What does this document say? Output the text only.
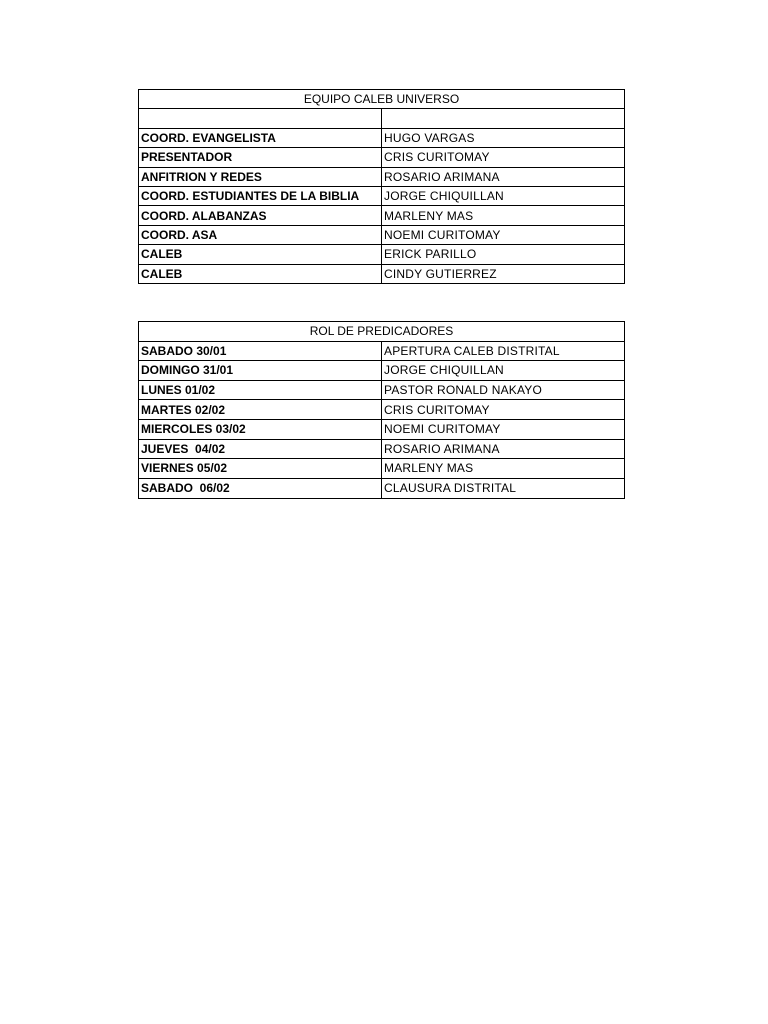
EQUIPO CALEB UNIVERSO	

COORD. EVANGELISTA	HUGO VARGAS
PRESENTADOR	CRIS CURITOMAY
ANFITRION Y REDES	ROSARIO ARIMANA
COORD. ESTUDIANTES DE LA BIBLIA	JORGE CHIQUILLAN
COORD. ALABANZAS	MARLENY MAS
COORD. ASA	NOEMI CURITOMAY
CALEB	ERICK PARILLO
CALEB	CINDY GUTIERREZ
ROL DE PREDICADORES	
SABADO 30/01	APERTURA CALEB DISTRITAL
DOMINGO 31/01	JORGE CHIQUILLAN
LUNES 01/02	PASTOR RONALD NAKAYO
MARTES 02/02	CRIS CURITOMAY
MIERCOLES 03/02	NOEMI CURITOMAY
JUEVES  04/02	ROSARIO ARIMANA
VIERNES 05/02	MARLENY MAS
SABADO  06/02	CLAUSURA DISTRITAL
